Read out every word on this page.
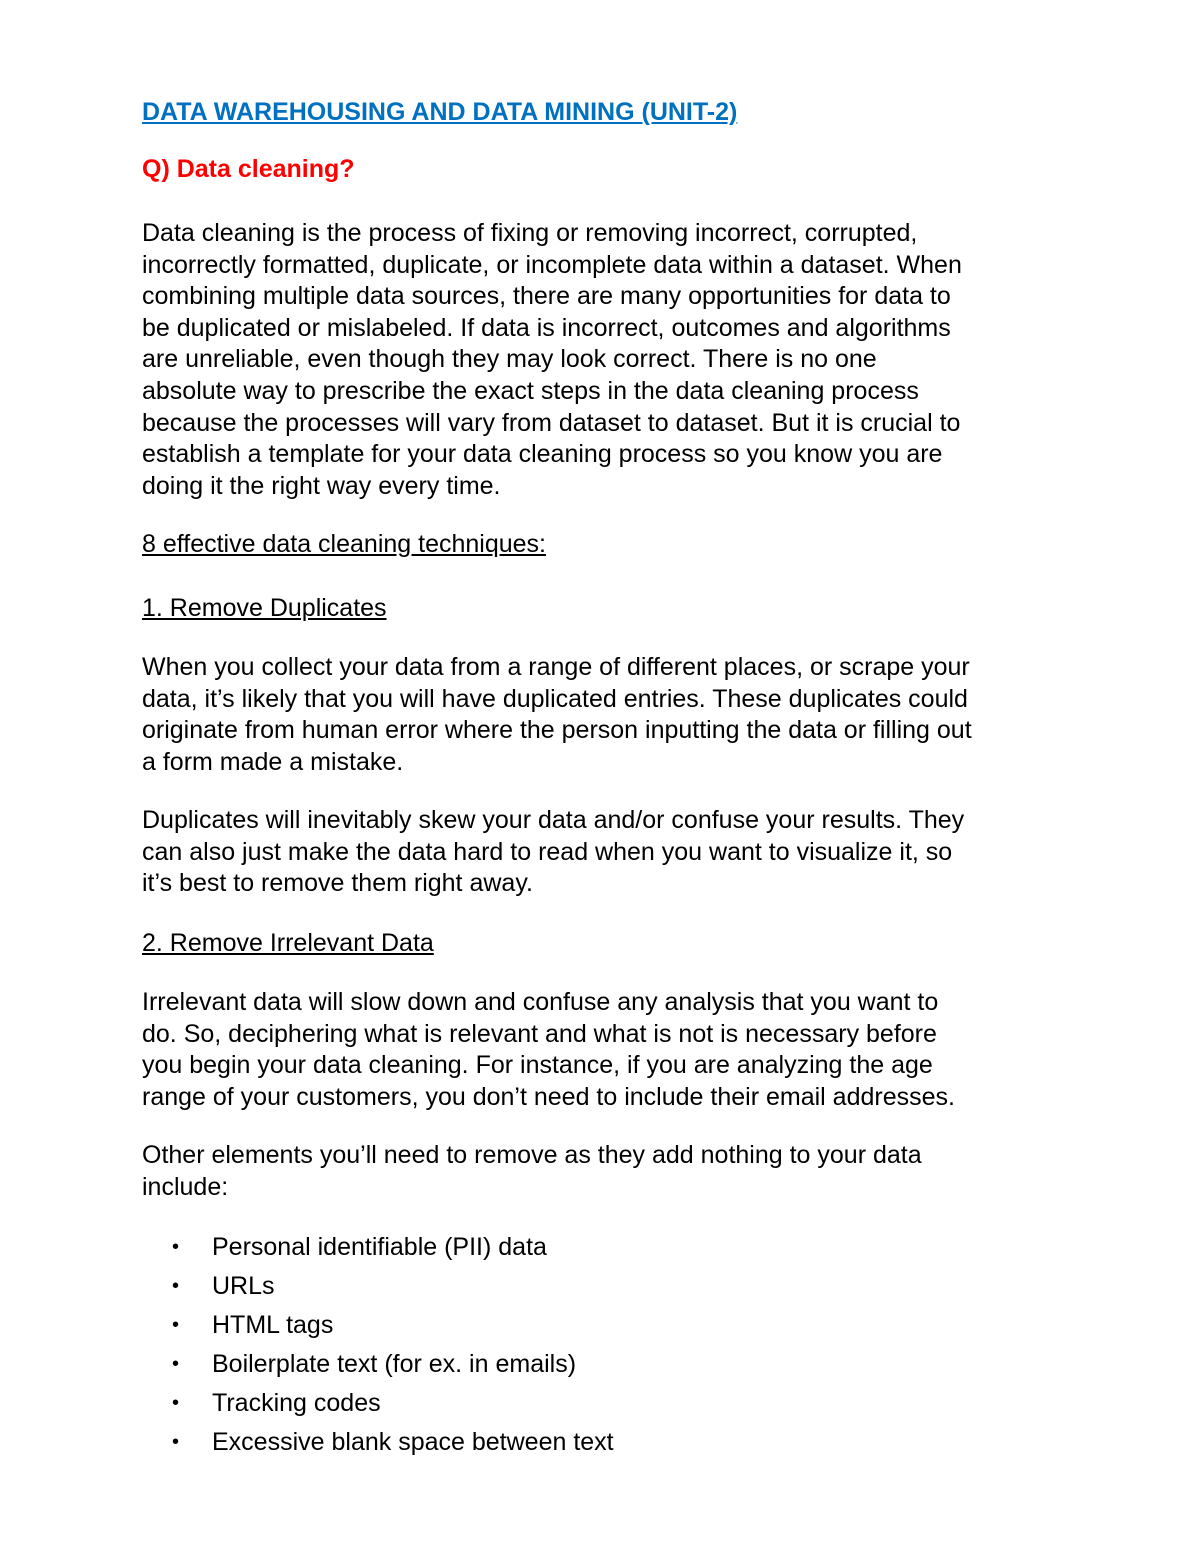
DATA WAREHOUSING AND DATA MINING (UNIT-2)
Q) Data cleaning?
Data cleaning is the process of fixing or removing incorrect, corrupted,
incorrectly formatted, duplicate, or incomplete data within a dataset. When
combining multiple data sources, there are many opportunities for data to
be duplicated or mislabeled. If data is incorrect, outcomes and algorithms
are unreliable, even though they may look correct. There is no one
absolute way to prescribe the exact steps in the data cleaning process
because the processes will vary from dataset to dataset. But it is crucial to
establish a template for your data cleaning process so you know you are
doing it the right way every time.
8 effective data cleaning techniques:
1. Remove Duplicates
When you collect your data from a range of different places, or scrape your
data, it’s likely that you will have duplicated entries. These duplicates could
originate from human error where the person inputting the data or filling out
a form made a mistake.
Duplicates will inevitably skew your data and/or confuse your results. They
can also just make the data hard to read when you want to visualize it, so
it’s best to remove them right away.
2. Remove Irrelevant Data
Irrelevant data will slow down and confuse any analysis that you want to
do. So, deciphering what is relevant and what is not is necessary before
you begin your data cleaning. For instance, if you are analyzing the age
range of your customers, you don’t need to include their email addresses.
Other elements you’ll need to remove as they add nothing to your data
include:
•	Personal identifiable (PII) data
•	URLs
•	HTML tags
•	Boilerplate text (for ex. in emails)
•	Tracking codes
•	Excessive blank space between text
